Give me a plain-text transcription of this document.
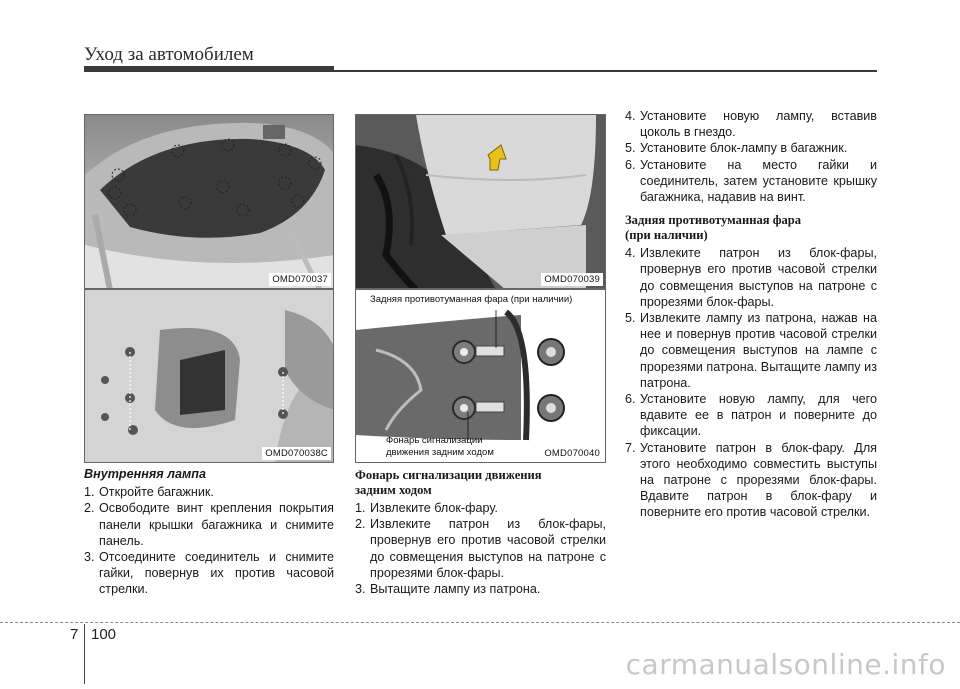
Уход за автомобилем
OMD070037
OMD070038C
OMD070039
Задняя противотуманная фара (при наличии)
Фонарь сигнализации
движения задним ходом	OMD070040
Внутренняя лампа
1. Откройте багажник.
2. Освободите винт крепления покрытия панели крышки багажника и снимите панель.
3. Отсоедините соединитель и снимите гайки, повернув их против часовой стрелки.
Фонарь сигнализации движения
задним ходом
1. Извлеките блок-фару.
2. Извлеките патрон из блок-фары, провернув его против часовой стрелки до совмещения выступов на патроне с прорезями блок-фары.
3. Вытащите лампу из патрона.
4. Установите новую лампу, вставив цоколь в гнездо.
5. Установите блок-лампу в багажник.
6. Установите на место гайки и соединитель, затем установите крышку багажника, надавив на винт.
Задняя противотуманная фара
(при наличии)
4. Извлеките патрон из блок-фары, провернув его против часовой стрелки до совмещения выступов на патроне с прорезями блок-фары.
5. Извлеките лампу из патрона, нажав на нее и повернув против часовой стрелки до совмещения выступов на лампе с прорезями патрона. Вытащите лампу из патрона.
6. Установите новую лампу, для чего вдавите ее в патрон и поверните до фиксации.
7. Установите патрон в блок-фару. Для этого необходимо совместить выступы на патроне с прорезями блок-фары. Вдавите патрон в блок-фару и поверните его против часовой стрелки.
7 100
carmanualsonline.info
